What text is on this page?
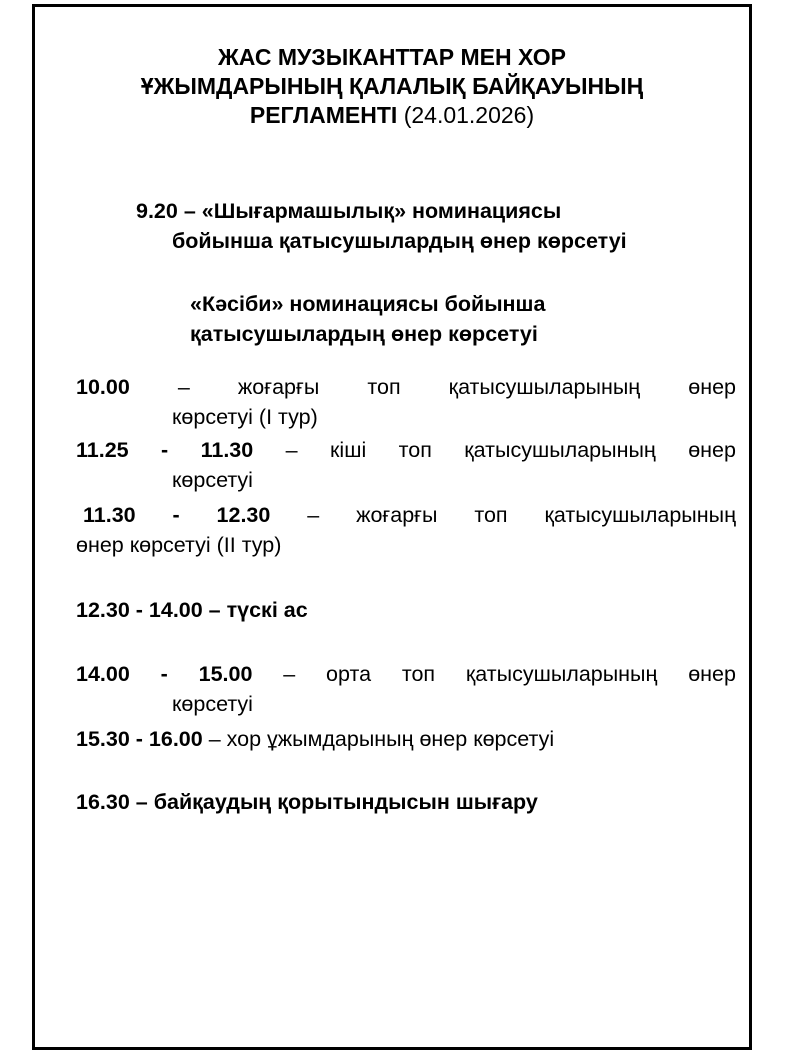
ЖАС МУЗЫКАНТТАР МЕН ХОР

ҰЖЫМДАРЫНЫҢ ҚАЛАЛЫҚ БАЙҚАУЫНЫҢ

РЕГЛАМЕНТІ (24.01.2026)

9.20 – «Шығармашылық» номинациясы

бойынша қатысушылардың өнер көрсетуі

«Кәсіби» номинациясы бойынша

қатысушылардың өнер көрсетуі

10.00 – жоғарғы топ қатысушыларының өнер

көрсетуі (I тур)

11.25 - 11.30 – кіші топ қатысушыларының өнер

көрсетуі

11.30 - 12.30 – жоғарғы топ қатысушыларының

өнер көрсетуі (II тур)

12.30 - 14.00 – түскі ас

14.00 - 15.00 – орта топ қатысушыларының өнер

көрсетуі

15.30 - 16.00 – хор ұжымдарының өнер көрсетуі

16.30 – байқаудың қорытындысын шығару
